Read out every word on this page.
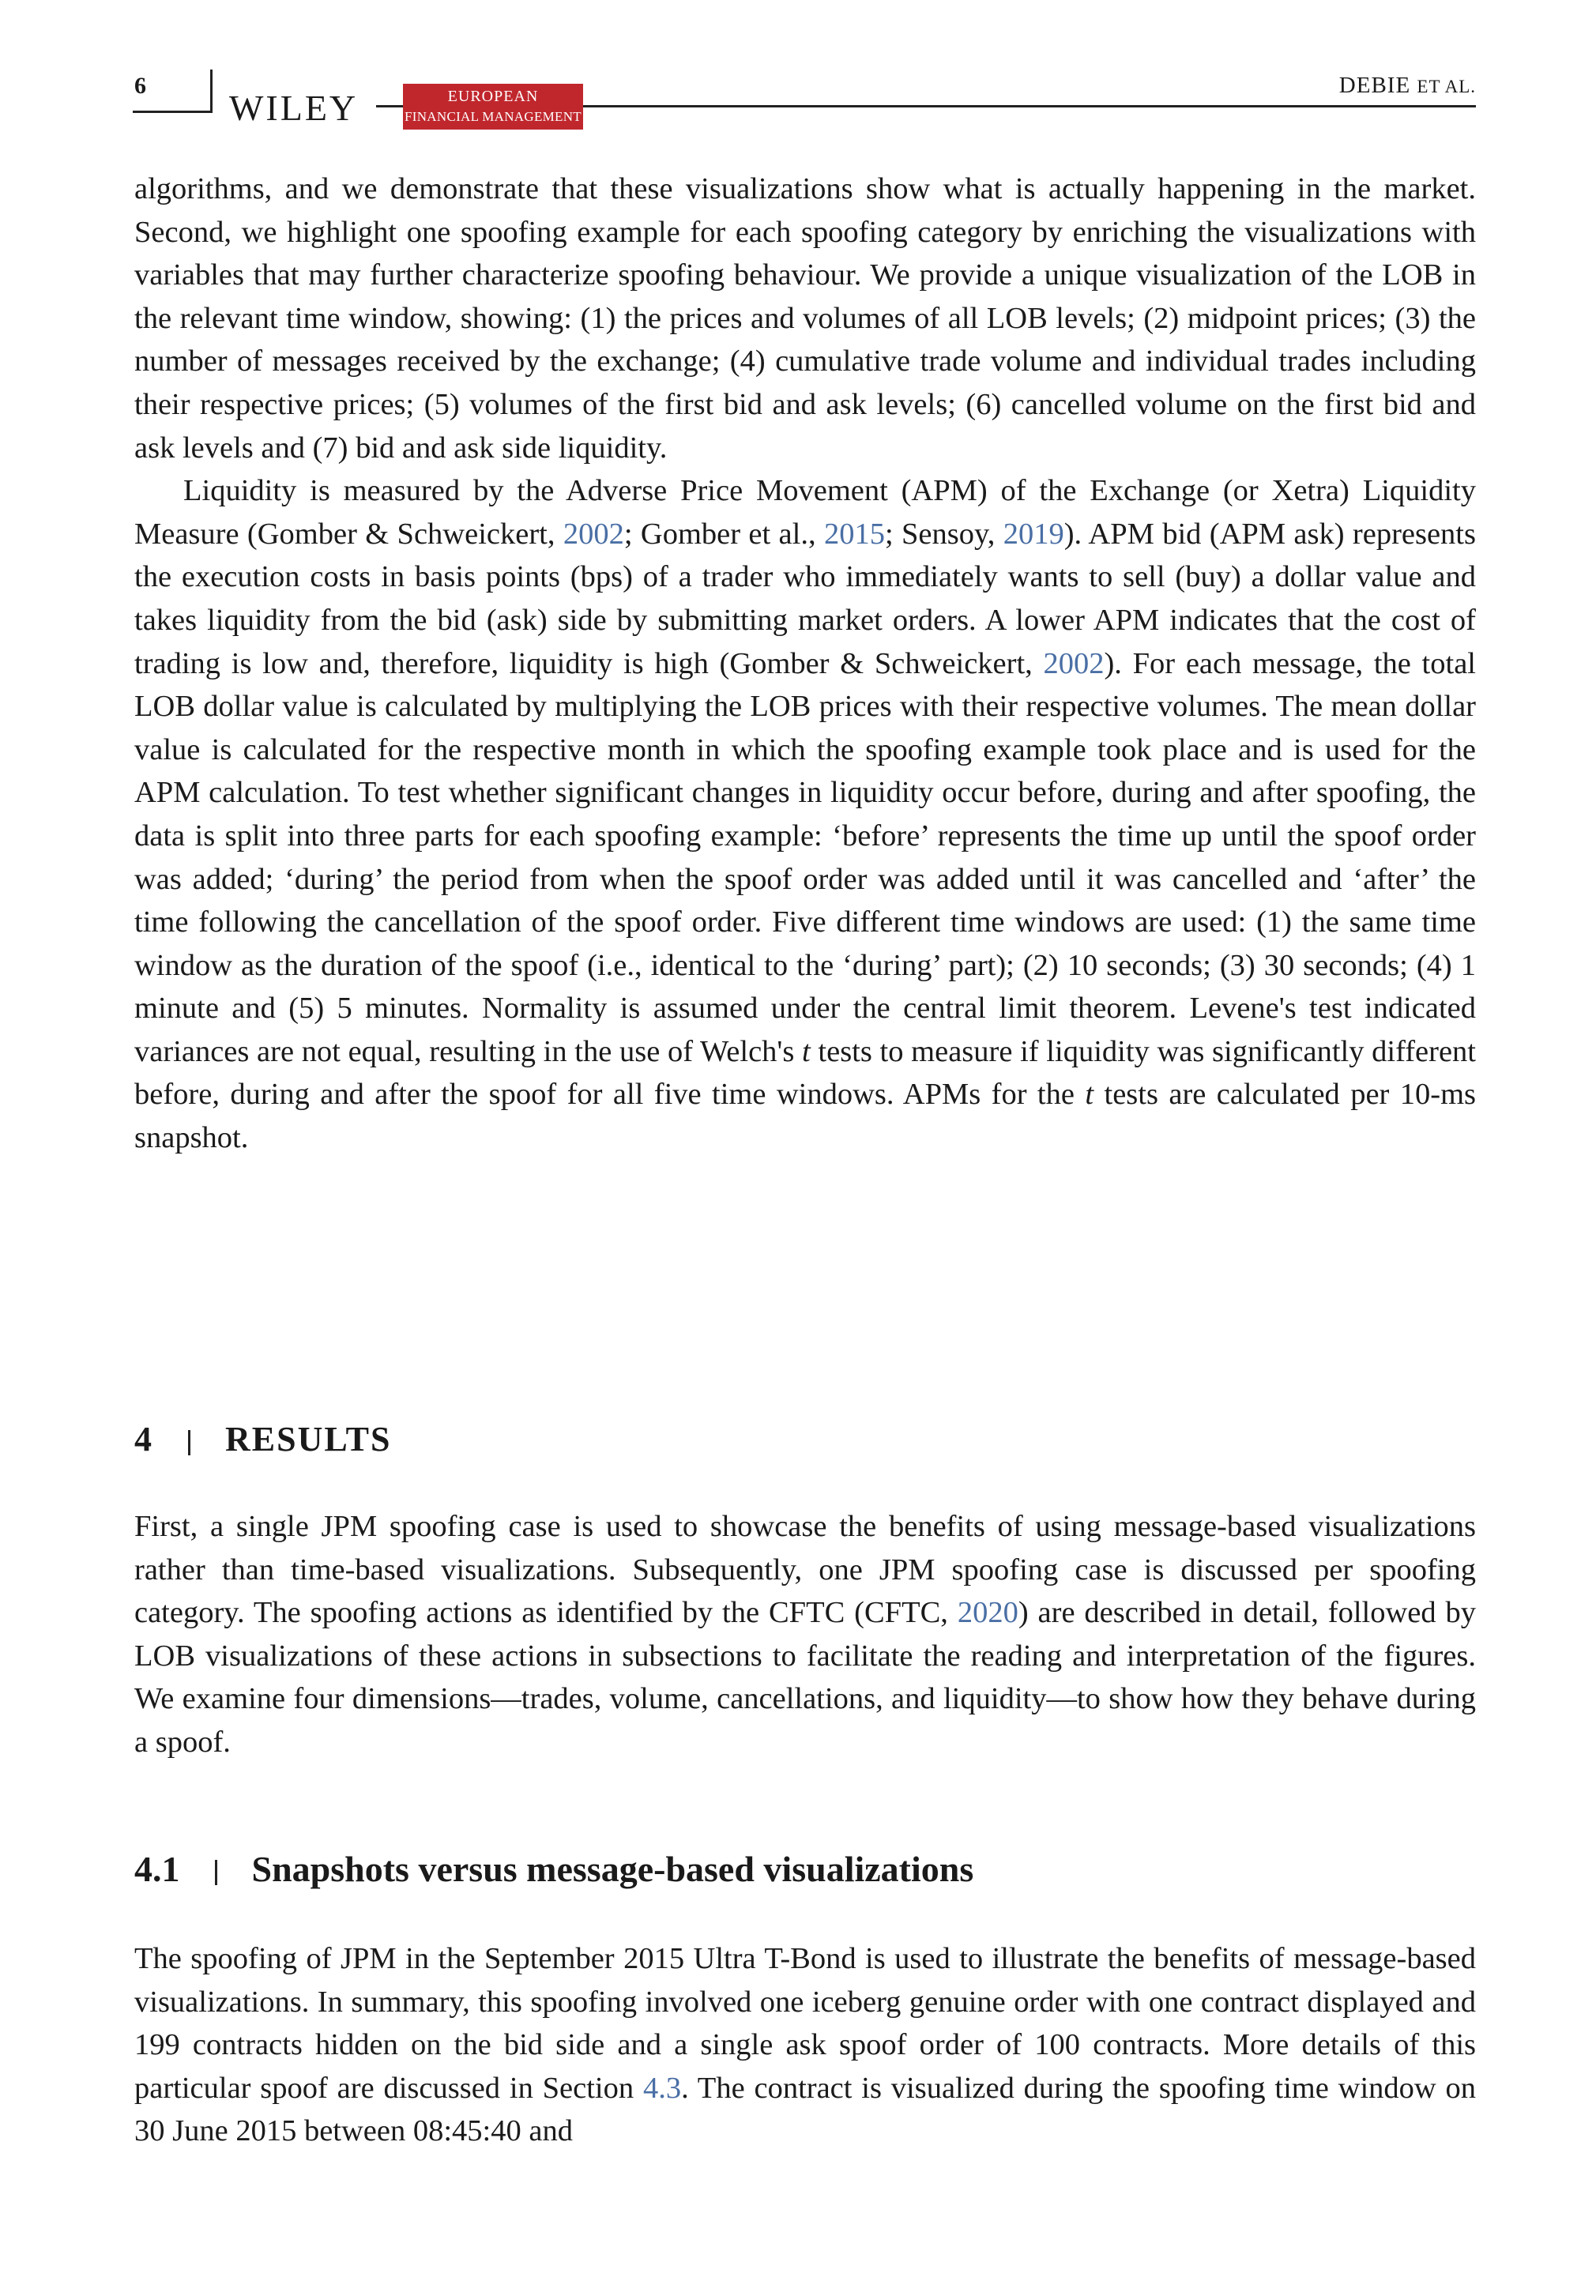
6
WILEY	EUROPEAN
FINANCIAL MANAGEMENT
DEBIE ET AL.

algorithms, and we demonstrate that these visualizations show what is actually happening in the market. Second, we highlight one spoofing example for each spoofing category by enriching the visualizations with variables that may further characterize spoofing behaviour. We provide a unique visualization of the LOB in the relevant time window, showing: (1) the prices and volumes of all LOB levels; (2) midpoint prices; (3) the number of messages received by the exchange; (4) cumulative trade volume and individual trades including their respective prices; (5) volumes of the first bid and ask levels; (6) cancelled volume on the first bid and ask levels and (7) bid and ask side liquidity.

Liquidity is measured by the Adverse Price Movement (APM) of the Exchange (or Xetra) Liquidity Measure (Gomber & Schweickert, 2002; Gomber et al., 2015; Sensoy, 2019). APM bid (APM ask) represents the execution costs in basis points (bps) of a trader who immediately wants to sell (buy) a dollar value and takes liquidity from the bid (ask) side by submitting market orders. A lower APM indicates that the cost of trading is low and, therefore, liquidity is high (Gomber & Schweickert, 2002). For each message, the total LOB dollar value is calculated by multiplying the LOB prices with their respective volumes. The mean dollar value is calculated for the respective month in which the spoofing example took place and is used for the APM calculation. To test whether significant changes in liquidity occur before, during and after spoofing, the data is split into three parts for each spoofing example: ‘before’ represents the time up until the spoof order was added; ‘during’ the period from when the spoof order was added until it was cancelled and ‘after’ the time following the cancellation of the spoof order. Five different time windows are used: (1) the same time window as the duration of the spoof (i.e., identical to the ‘during’ part); (2) 10 seconds; (3) 30 seconds; (4) 1 minute and (5) 5 minutes. Normality is assumed under the central limit theorem. Levene's test indicated variances are not equal, resulting in the use of Welch's t tests to measure if liquidity was significantly different before, during and after the spoof for all five time windows. APMs for the t tests are calculated per 10-ms snapshot.

4 RESULTS

First, a single JPM spoofing case is used to showcase the benefits of using message-based visualizations rather than time-based visualizations. Subsequently, one JPM spoofing case is discussed per spoofing category. The spoofing actions as identified by the CFTC (CFTC, 2020) are described in detail, followed by LOB visualizations of these actions in subsections to facilitate the reading and interpretation of the figures. We examine four dimensions—trades, volume, cancellations, and liquidity—to show how they behave during a spoof.

4.1 Snapshots versus message-based visualizations

The spoofing of JPM in the September 2015 Ultra T-Bond is used to illustrate the benefits of message-based visualizations. In summary, this spoofing involved one iceberg genuine order with one contract displayed and 199 contracts hidden on the bid side and a single ask spoof order of 100 contracts. More details of this particular spoof are discussed in Section 4.3. The contract is visualized during the spoofing time window on 30 June 2015 between 08:45:40 and
